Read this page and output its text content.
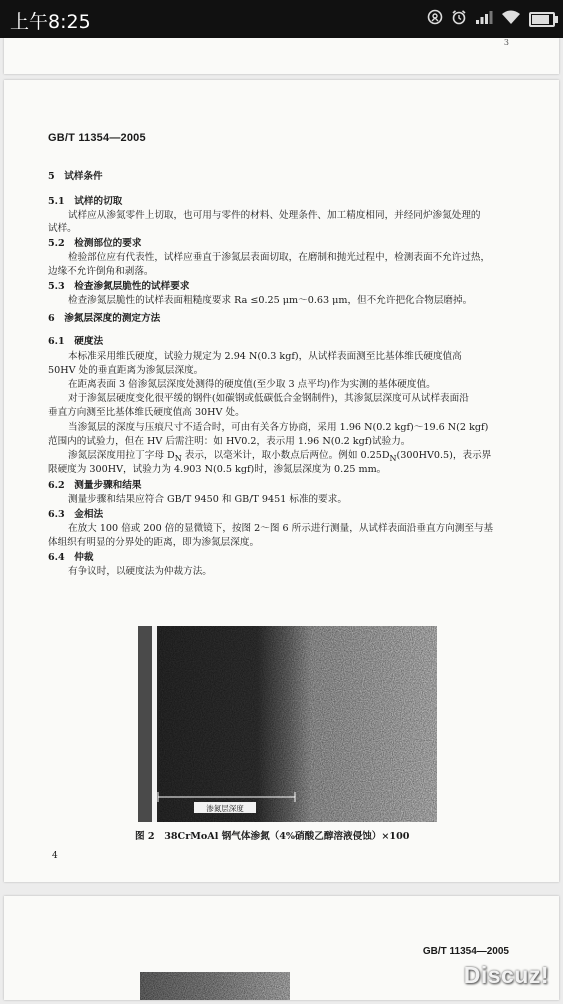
上午8:25
3
GB/T 11354—2005
5　试样条件
5.1　试样的切取
试样应从渗氮零件上切取，也可用与零件的材料、处理条件、加工精度相同，并经同炉渗氮处理的
试样。
5.2　检测部位的要求
检验部位应有代表性，试样应垂直于渗氮层表面切取，在磨制和抛光过程中，检测表面不允许过热，
边缘不允许倒角和剥落。
5.3　检查渗氮层脆性的试样要求
检查渗氮层脆性的试样表面粗糙度要求 Ra ≤0.25 μm～0.63 μm，但不允许把化合物层磨掉。
6　渗氮层深度的测定方法
6.1　硬度法
本标准采用维氏硬度，试验力规定为 2.94 N(0.3 kgf)，从试样表面测至比基体维氏硬度值高
50HV 处的垂直距离为渗氮层深度。
在距离表面 3 倍渗氮层深度处测得的硬度值(至少取 3 点平均)作为实测的基体硬度值。
对于渗氮层硬度变化很平缓的钢件(如碳钢或低碳低合金钢制件)，其渗氮层深度可从试样表面沿
垂直方向测至比基体维氏硬度值高 30HV 处。
当渗氮层的深度与压痕尺寸不适合时，可由有关各方协商，采用 1.96 N(0.2 kgf)～19.6 N(2 kgf)
范围内的试验力，但在 HV 后需注明：如 HV0.2，表示用 1.96 N(0.2 kgf)试验力。
渗氮层深度用拉丁字母 $D_N$ 表示，以毫米计，取小数点后两位。例如 $0.25D_N(300HV0.5)$，表示界
限硬度为 300HV，试验力为 4.903 N(0.5 kgf)时，渗氮层深度为 0.25 mm。
6.2　测量步骤和结果
测量步骤和结果应符合 GB/T 9450 和 GB/T 9451 标准的要求。
6.3　金相法
在放大 100 倍或 200 倍的显微镜下，按图 2～图 6 所示进行测量，从试样表面沿垂直方向测至与基
体组织有明显的分界处的距离，即为渗氮层深度。
6.4　仲裁
有争议时，以硬度法为仲裁方法。
渗氮层深度
图 2　38CrMoAl 钢气体渗氮（4%硝酸乙醇溶液侵蚀）×100
4
GB/T 11354—2005
Discuz!
